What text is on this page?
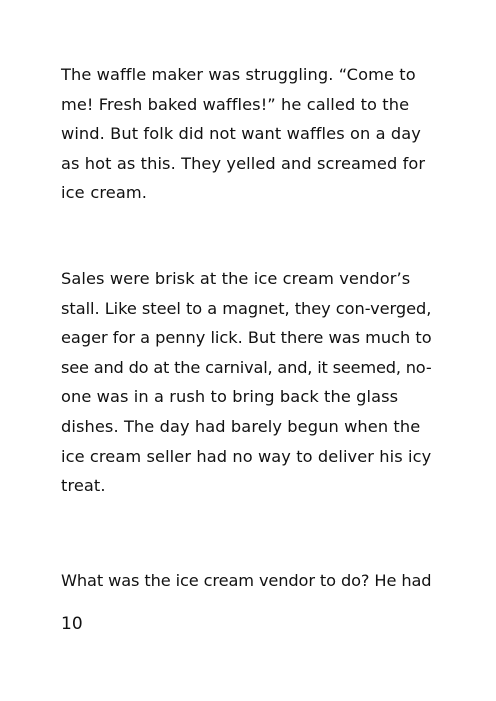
The waffle maker was struggling. “Come to
me! Fresh baked waffles!” he called to the
wind. But folk did not want waffles on a day
as hot as this. They yelled and screamed for
ice cream.

Sales were brisk at the ice cream vendor’s
stall. Like steel to a magnet, they con-verged,
eager for a penny lick. But there was much to
see and do at the carnival, and, it seemed, no-
one was in a rush to bring back the glass
dishes. The day had barely begun when the
ice cream seller had no way to deliver his icy
treat.

What was the ice cream vendor to do? He had

10
